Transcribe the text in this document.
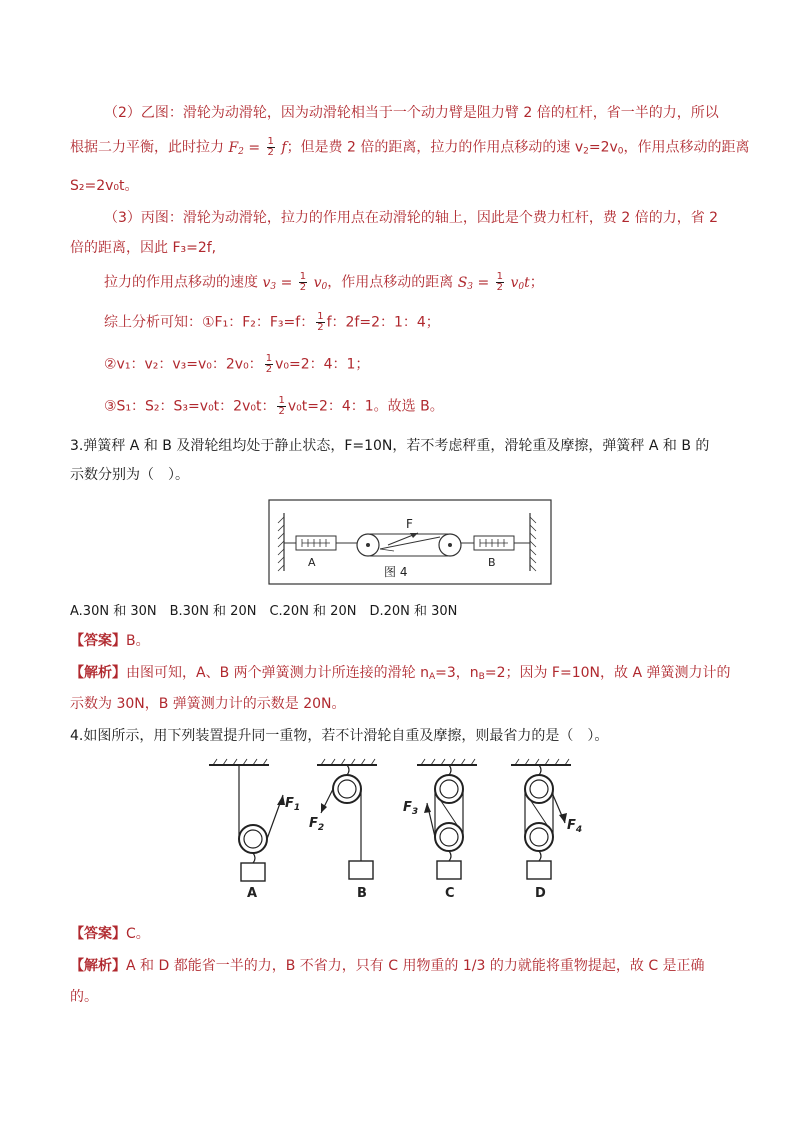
（2）乙图：滑轮为动滑轮，因为动滑轮相当于一个动力臂是阻力臂 2 倍的杠杆，省一半的力，所以
根据二力平衡，此时拉力 $F_2 = \frac{1}{2}$ f；但是费 2 倍的距离，拉力的作用点移动的速 $v_2=2v_0$，作用点移动的距离
S₂=2v₀t。
（3）丙图：滑轮为动滑轮，拉力的作用点在动滑轮的轴上，因此是个费力杠杆，费 2 倍的力，省 2
倍的距离，因此 F₃=2f,
拉力的作用点移动的速度 $v_3 = \frac{1}{2} v_0$，作用点移动的距离 $S_3 = \frac{1}{2} v_0t$；
综上分析可知：①F₁：F₂：F₃=f： $\frac{1}{2}$ f：2f=2：1：4；
②v₁：v₂：v₃=v₀：2v₀： $\frac{1}{2} v_0=2$：4：1；
③S₁：S₂：S₃=v₀t：2v₀t： $\frac{1}{2} v_0t=2$：4：1。故选 B。
3.弹簧秤 A 和 B 及滑轮组均处于静止状态，F=10N，若不考虑秤重，滑轮重及摩擦，弹簧秤 A 和 B 的
示数分别为（　）。
F
A	B
图 4
A.30N 和 30N　B.30N 和 20N　C.20N 和 20N　D.20N 和 30N
【答案】B。
【解析】由图可知，A、B 两个弹簧测力计所连接的滑轮 $n_A=3$，$n_B=2$；因为 F=10N，故 A 弹簧测力计的
示数为 30N，B 弹簧测力计的示数是 20N。
4.如图所示，用下列装置提升同一重物，若不计滑轮自重及摩擦，则最省力的是（　）。
$F_1$
A
$F_2$
B
$F_3$
C
$F_4$
D
【答案】C。
【解析】A 和 D 都能省一半的力，B 不省力，只有 C 用物重的 1/3 的力就能将重物提起，故 C 是正确
的。
